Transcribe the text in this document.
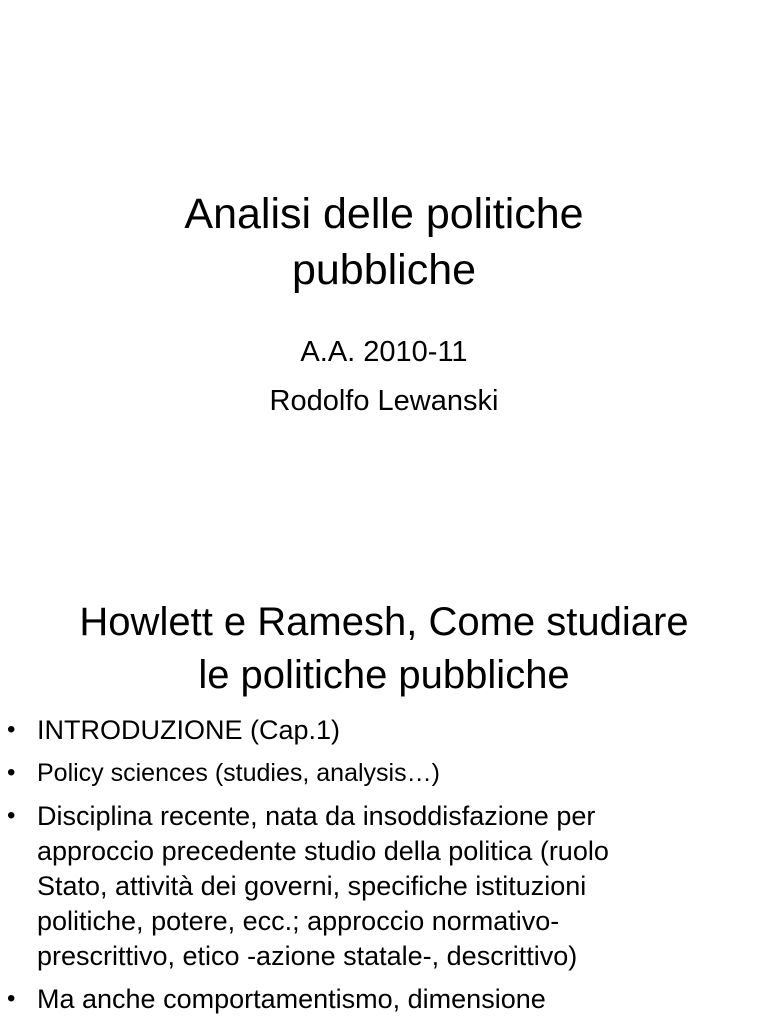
Analisi delle politiche
pubbliche
A.A. 2010-11
Rodolfo Lewanski
Howlett e Ramesh, Come studiare
le politiche pubbliche
• INTRODUZIONE (Cap.1)
• Policy sciences (studies, analysis…)
• Disciplina recente, nata da insoddisfazione per
approccio precedente studio della politica (ruolo
Stato, attività dei governi, specifiche istituzioni
politiche, potere, ecc.; approccio normativo-
prescrittivo, etico -azione statale-, descrittivo)
• Ma anche comportamentismo, dimensione
